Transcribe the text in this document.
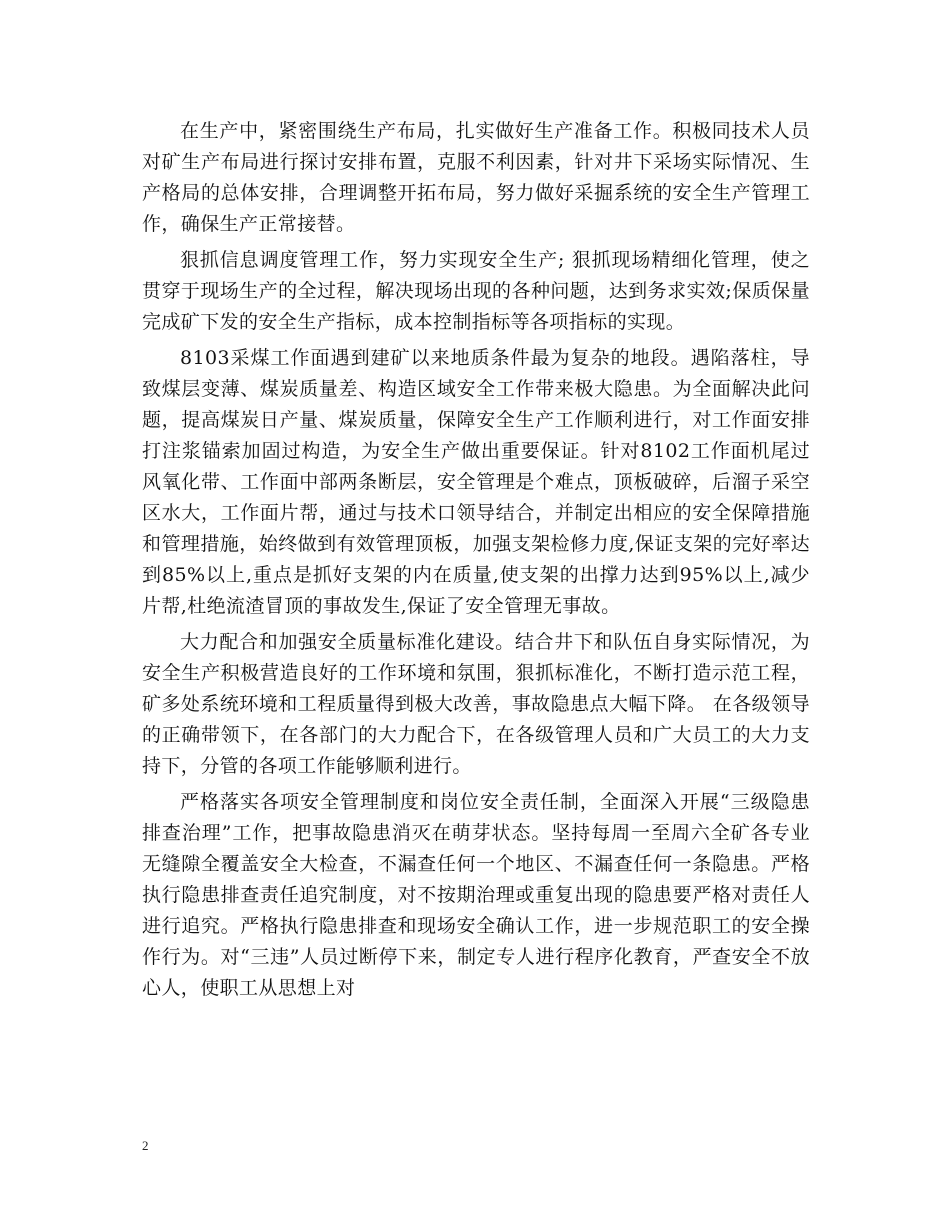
在生产中，紧密围绕生产布局，扎实做好生产准备工作。积极同技术人员对矿生产布局进行探讨安排布置，克服不利因素，针对井下采场实际情况、生产格局的总体安排，合理调整开拓布局，努力做好采掘系统的安全生产管理工作，确保生产正常接替。

狠抓信息调度管理工作，努力实现安全生产; 狠抓现场精细化管理，使之贯穿于现场生产的全过程，解决现场出现的各种问题，达到务求实效;保质保量完成矿下发的安全生产指标，成本控制指标等各项指标的实现。

8103采煤工作面遇到建矿以来地质条件最为复杂的地段。遇陷落柱，导致煤层变薄、煤炭质量差、构造区域安全工作带来极大隐患。为全面解决此问题，提高煤炭日产量、煤炭质量，保障安全生产工作顺利进行，对工作面安排打注浆锚索加固过构造，为安全生产做出重要保证。针对8102工作面机尾过风氧化带、工作面中部两条断层，安全管理是个难点，顶板破碎，后溜子采空区水大，工作面片帮，通过与技术口领导结合，并制定出相应的安全保障措施和管理措施，始终做到有效管理顶板，加强支架检修力度,保证支架的完好率达到85%以上,重点是抓好支架的内在质量,使支架的出撑力达到95%以上,减少片帮,杜绝流渣冒顶的事故发生,保证了安全管理无事故。

大力配合和加强安全质量标准化建设。结合井下和队伍自身实际情况，为安全生产积极营造良好的工作环境和氛围，狠抓标准化，不断打造示范工程，矿多处系统环境和工程质量得到极大改善，事故隐患点大幅下降。 在各级领导的正确带领下，在各部门的大力配合下，在各级管理人员和广大员工的大力支持下，分管的各项工作能够顺利进行。

严格落实各项安全管理制度和岗位安全责任制，全面深入开展“三级隐患排查治理”工作，把事故隐患消灭在萌芽状态。坚持每周一至周六全矿各专业无缝隙全覆盖安全大检查，不漏查任何一个地区、不漏查任何一条隐患。严格执行隐患排查责任追究制度，对不按期治理或重复出现的隐患要严格对责任人进行追究。严格执行隐患排查和现场安全确认工作，进一步规范职工的安全操作行为。对“三违”人员过断停下来，制定专人进行程序化教育，严查安全不放心人，使职工从思想上对

2
